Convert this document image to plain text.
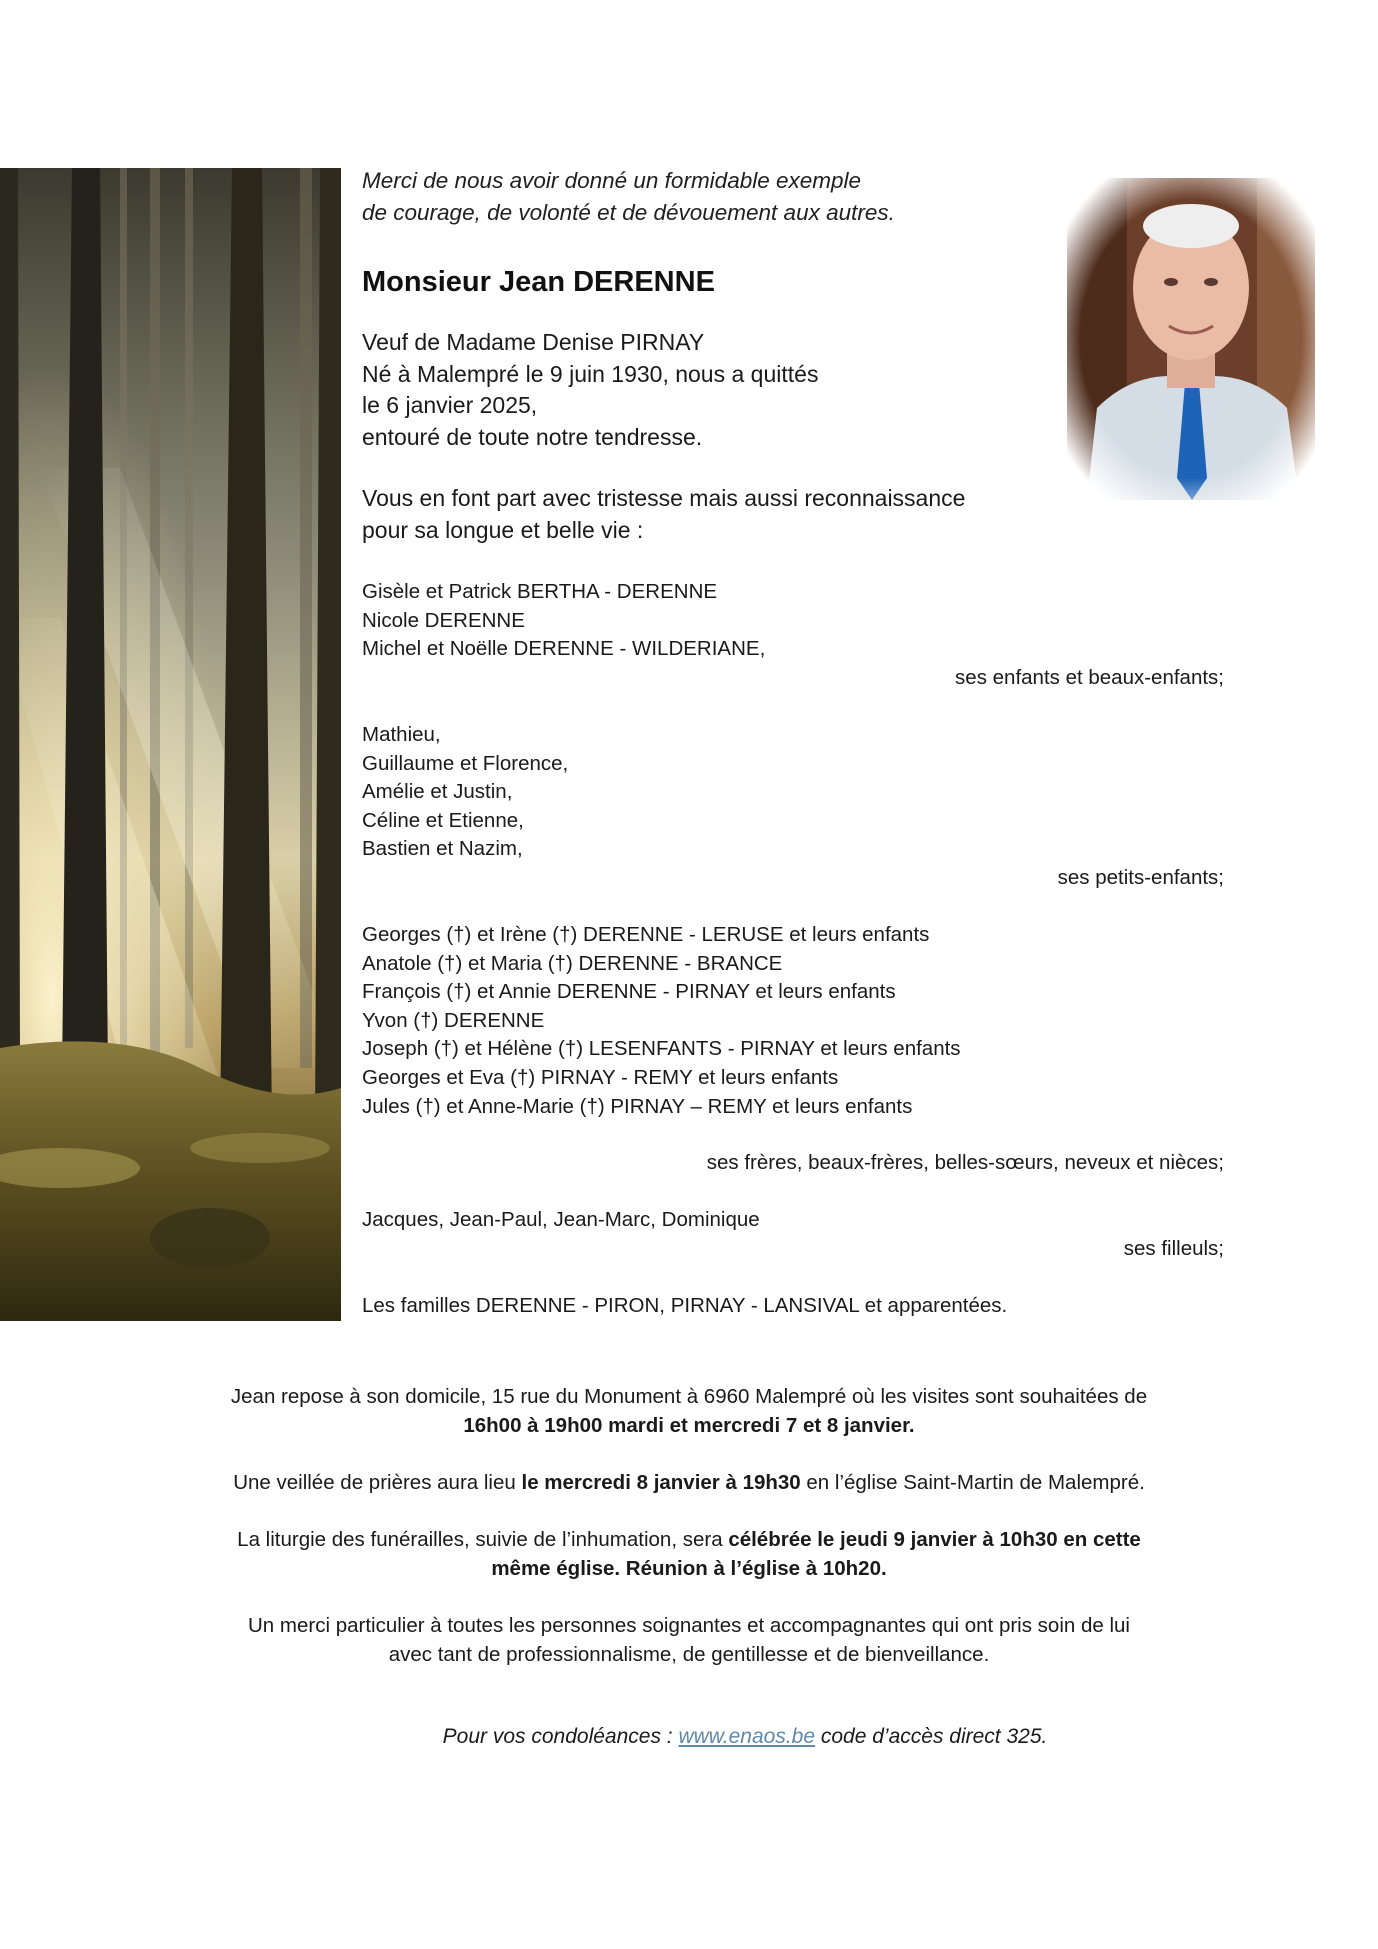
Merci de nous avoir donné un formidable exemple
de courage, de volonté et de dévouement aux autres.
Monsieur Jean DERENNE
Veuf de Madame Denise PIRNAY
Né à Malempré le 9 juin 1930, nous a quittés
le 6 janvier 2025,
entouré de toute notre tendresse.
Vous en font part avec tristesse mais aussi reconnaissance
pour sa longue et belle vie :
Gisèle et Patrick BERTHA - DERENNE
Nicole DERENNE
Michel et Noëlle DERENNE - WILDERIANE,
ses enfants et beaux-enfants;
Mathieu,
Guillaume et Florence,
Amélie et Justin,
Céline et Etienne,
Bastien et Nazim,
ses petits-enfants;
Georges (†) et Irène (†) DERENNE - LERUSE et leurs enfants
Anatole (†) et Maria (†) DERENNE - BRANCE
François (†) et Annie DERENNE - PIRNAY et leurs enfants
Yvon (†) DERENNE
Joseph (†) et Hélène (†) LESENFANTS - PIRNAY et leurs enfants
Georges et Eva (†) PIRNAY - REMY et leurs enfants
Jules (†) et Anne-Marie (†) PIRNAY – REMY et leurs enfants
ses frères, beaux-frères, belles-sœurs, neveux et nièces;
Jacques, Jean-Paul, Jean-Marc, Dominique
ses filleuls;
Les familles DERENNE - PIRON, PIRNAY - LANSIVAL et apparentées.
Jean repose à son domicile, 15 rue du Monument à 6960 Malempré où les visites sont souhaitées de
16h00 à 19h00 mardi et mercredi 7 et 8 janvier.
Une veillée de prières aura lieu le mercredi 8 janvier à 19h30 en l’église Saint-Martin de Malempré.
La liturgie des funérailles, suivie de l’inhumation, sera célébrée le jeudi 9 janvier à 10h30 en cette
même église. Réunion à l’église à 10h20.
Un merci particulier à toutes les personnes soignantes et accompagnantes qui ont pris soin de lui
avec tant de professionnalisme, de gentillesse et de bienveillance.
Pour vos condoléances : www.enaos.be code d’accès direct 325.
